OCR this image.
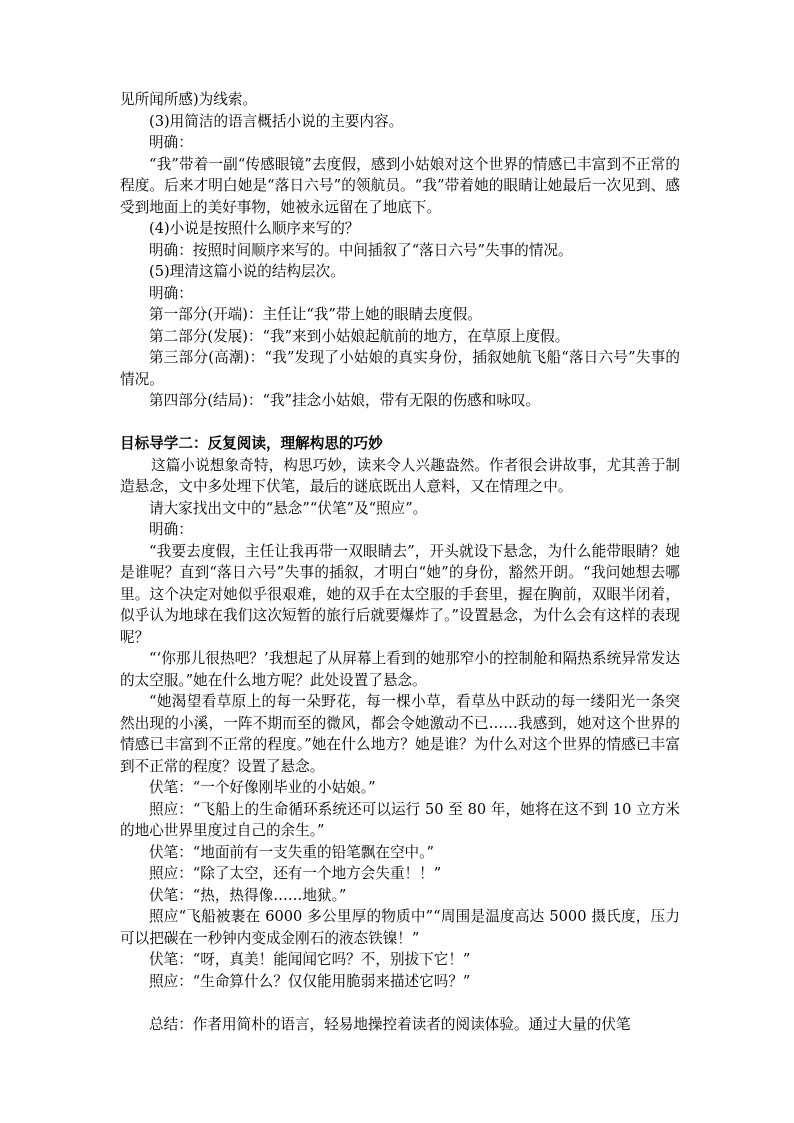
见所闻所感)为线索。

(3)用简洁的语言概括小说的主要内容。

明确：

“我”带着一副“传感眼镜”去度假，感到小姑娘对这个世界的情感已丰富到不正常的程度。后来才明白她是“落日六号”的领航员。“我”带着她的眼睛让她最后一次见到、感受到地面上的美好事物，她被永远留在了地底下。

(4)小说是按照什么顺序来写的？

明确：按照时间顺序来写的。中间插叙了“落日六号”失事的情况。

(5)理清这篇小说的结构层次。

明确：

第一部分(开端)：主任让“我”带上她的眼睛去度假。

第二部分(发展)：“我”来到小姑娘起航前的地方，在草原上度假。

第三部分(高潮)：“我”发现了小姑娘的真实身份，插叙她航飞船“落日六号”失事的情况。

第四部分(结局)：“我”挂念小姑娘，带有无限的伤感和咏叹。

目标导学二：反复阅读，理解构思的巧妙

这篇小说想象奇特，构思巧妙，读来令人兴趣盎然。作者很会讲故事，尤其善于制造悬念，文中多处埋下伏笔，最后的谜底既出人意料，又在情理之中。

请大家找出文中的“悬念”“伏笔”及“照应”。

明确：

“我要去度假，主任让我再带一双眼睛去”，开头就设下悬念，为什么能带眼睛？她是谁呢？直到“落日六号”失事的插叙，才明白“她”的身份，豁然开朗。“我问她想去哪里。这个决定对她似乎很艰难，她的双手在太空服的手套里，握在胸前，双眼半闭着，似乎认为地球在我们这次短暂的旅行后就要爆炸了。”设置悬念，为什么会有这样的表现呢？

“‘你那儿很热吧？’我想起了从屏幕上看到的她那窄小的控制舱和隔热系统异常发达的太空服。”她在什么地方呢？此处设置了悬念。

“她渴望看草原上的每一朵野花，每一棵小草，看草丛中跃动的每一缕阳光一条突然出现的小溪，一阵不期而至的微风，都会令她激动不已……我感到，她对这个世界的情感已丰富到不正常的程度。”她在什么地方？她是谁？为什么对这个世界的情感已丰富到不正常的程度？设置了悬念。

伏笔：“一个好像刚毕业的小姑娘。”

照应：“飞船上的生命循环系统还可以运行 50 至 80 年，她将在这不到 10 立方米的地心世界里度过自己的余生。”

伏笔：“地面前有一支失重的铅笔飘在空中。”

照应：“除了太空，还有一个地方会失重！！”

伏笔：“热，热得像……地狱。”

照应“飞船被裹在 6000 多公里厚的物质中”“周围是温度高达 5000 摄氏度，压力可以把碳在一秒钟内变成金刚石的液态铁镍！”

伏笔：“呀，真美！能闻闻它吗？不，别拔下它！”

照应：“生命算什么？仅仅能用脆弱来描述它吗？”

总结：作者用简朴的语言，轻易地操控着读者的阅读体验。通过大量的伏笔
